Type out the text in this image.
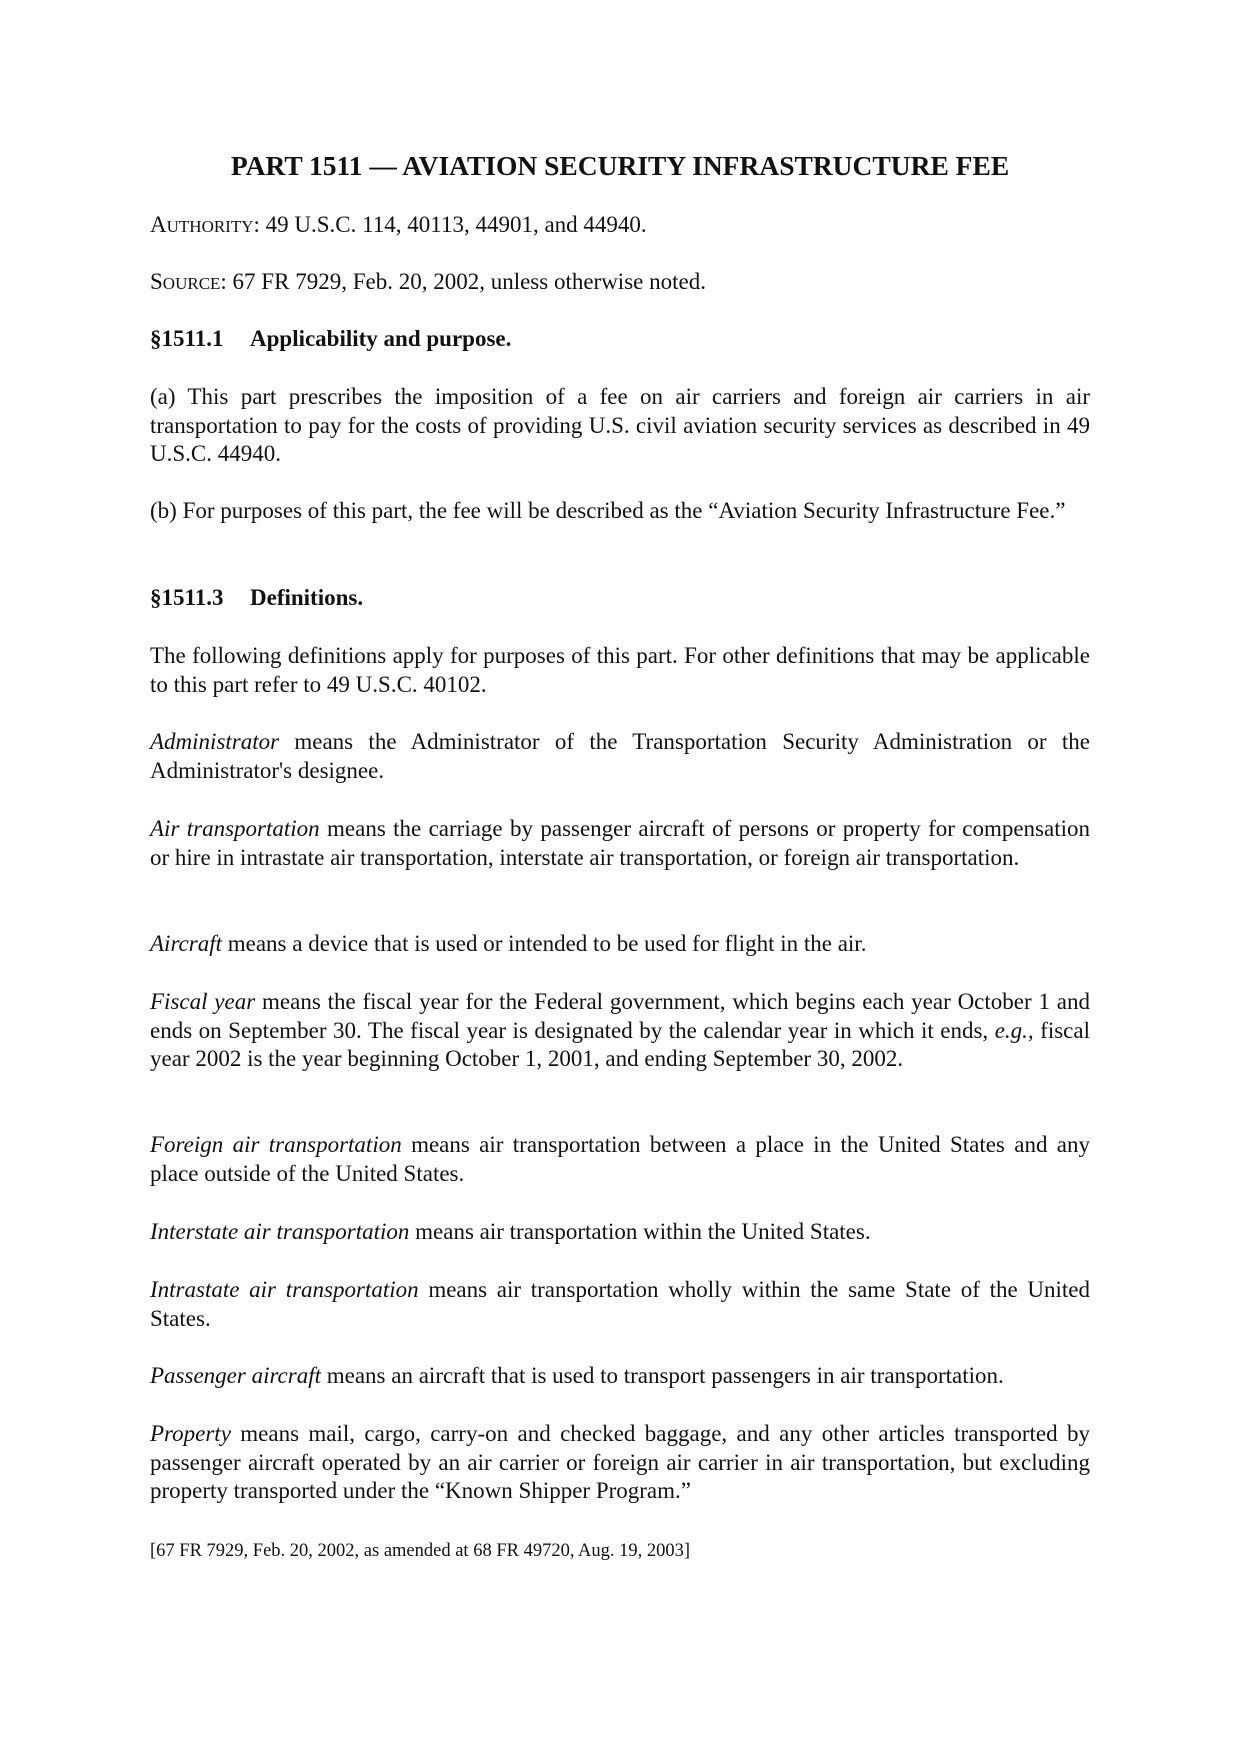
PART 1511 — AVIATION SECURITY INFRASTRUCTURE FEE

AUTHORITY: 49 U.S.C. 114, 40113, 44901, and 44940.

SOURCE: 67 FR 7929, Feb. 20, 2002, unless otherwise noted.

§1511.1 Applicability and purpose.

(a) This part prescribes the imposition of a fee on air carriers and foreign air carriers in air transportation to pay for the costs of providing U.S. civil aviation security services as described in 49 U.S.C. 44940.

(b) For purposes of this part, the fee will be described as the “Aviation Security Infrastructure Fee.”

§1511.3 Definitions.

The following definitions apply for purposes of this part. For other definitions that may be applicable to this part refer to 49 U.S.C. 40102.

Administrator means the Administrator of the Transportation Security Administration or the Administrator's designee.

Air transportation means the carriage by passenger aircraft of persons or property for compensation or hire in intrastate air transportation, interstate air transportation, or foreign air transportation.

Aircraft means a device that is used or intended to be used for flight in the air.

Fiscal year means the fiscal year for the Federal government, which begins each year October 1 and ends on September 30. The fiscal year is designated by the calendar year in which it ends, e.g., fiscal year 2002 is the year beginning October 1, 2001, and ending September 30, 2002.

Foreign air transportation means air transportation between a place in the United States and any place outside of the United States.

Interstate air transportation means air transportation within the United States.

Intrastate air transportation means air transportation wholly within the same State of the United States.

Passenger aircraft means an aircraft that is used to transport passengers in air transportation.

Property means mail, cargo, carry-on and checked baggage, and any other articles transported by passenger aircraft operated by an air carrier or foreign air carrier in air transportation, but excluding property transported under the “Known Shipper Program.”

[67 FR 7929, Feb. 20, 2002, as amended at 68 FR 49720, Aug. 19, 2003]
